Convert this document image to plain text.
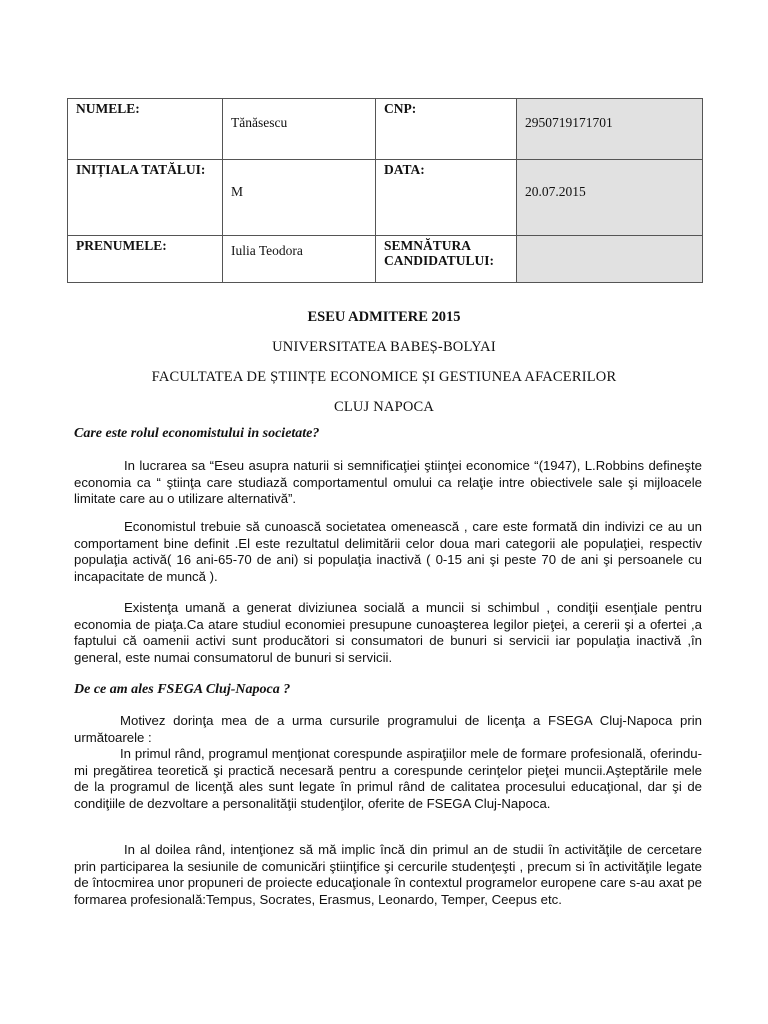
NUMELE:	Tănăsescu	CNP:	2950719171701

INIȚIALA TATĂLUI:	M	DATA:	20.07.2015

PRENUMELE:	Iulia Teodora	SEMNĂTURA CANDIDATULUI:	
ESEU ADMITERE 2015
UNIVERSITATEA BABEȘ-BOLYAI
FACULTATEA DE ȘTIINȚE ECONOMICE ȘI GESTIUNEA AFACERILOR
CLUJ NAPOCA
Care este rolul economistului in societate?

In lucrarea sa “Eseu asupra naturii si semnificaţiei ştiinţei economice “(1947), L.Robbins defineşte economia ca “ ştiinţa care studiază comportamentul omului ca relaţie intre obiectivele sale şi mijloacele limitate care au o utilizare alternativă”.

Economistul trebuie să cunoască societatea omenească , care este formată din indivizi ce au un comportament bine definit .El este rezultatul delimitării celor doua mari categorii ale populaţiei, respectiv populaţia activă( 16 ani-65-70 de ani) si populaţia inactivă ( 0-15 ani şi peste 70 de ani şi persoanele cu incapacitate de muncă ).

Existenţa umană a generat diviziunea socială a muncii si schimbul , condiţii esenţiale pentru economia de piaţa.Ca atare studiul economiei presupune cunoaşterea legilor pieţei, a cererii şi a ofertei ,a faptului că oamenii activi sunt producători si consumatori de bunuri si servicii iar populaţia inactivă ,în general, este numai consumatorul de bunuri si servicii.

De ce am ales FSEGA Cluj-Napoca ?

Motivez dorinţa mea de a urma cursurile programului de licenţa a FSEGA Cluj-Napoca prin următoarele :

In primul rând, programul menţionat corespunde aspiraţiilor mele de formare profesională, oferindu-mi pregătirea teoretică şi practică necesară pentru a corespunde cerinţelor pieţei muncii.Aşteptările mele de la programul de licenţă ales sunt legate în primul rând de calitatea procesului educaţional, dar şi de condiţiile de dezvoltare a personalităţii studenţilor, oferite de FSEGA Cluj-Napoca.

In al doilea rând, intenţionez să mă implic încă din primul an de studii în activităţile de cercetare prin participarea la sesiunile de comunicări ştiinţifice şi cercurile studenţeşti , precum si în activităţile legate de întocmirea unor propuneri de proiecte educaţionale în contextul programelor europene care s-au axat pe formarea profesională:Tempus, Socrates, Erasmus, Leonardo, Temper, Ceepus etc.
